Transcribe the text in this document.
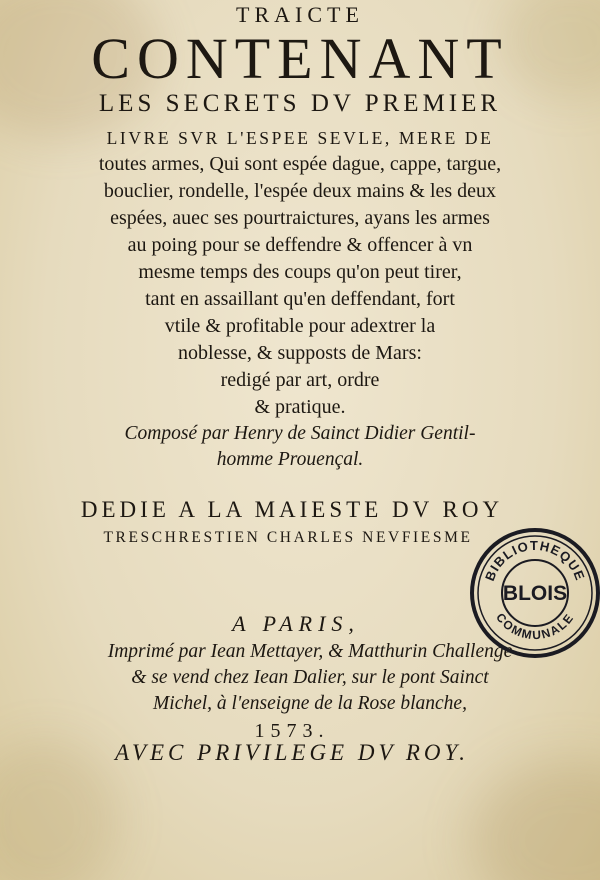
TRAICTE
CONTENANT
LES SECRETS DV PREMIER
LIVRE SVR L'ESPEE SEVLE, MERE DE
toutes armes, Qui sont espée dague, cappe, targue,
bouclier, rondelle, l'espée deux mains & les deux
espées, auec ses pourtraictures, ayans les armes
au poing pour se deffendre & offencer à vn
mesme temps des coups qu'on peut tirer,
tant en assaillant qu'en deffendant, fort
vtile & profitable pour adextrer la
noblesse, & supposts de Mars:
redigé par art, ordre
& pratique.
Composé par Henry de Sainct Didier Gentil-
homme Prouençal.
DEDIE A LA MAIESTE DV ROY
TRESCHRESTIEN CHARLES NEVFIESME
A PARIS,
Imprimé par Iean Mettayer, & Matthurin Challenge
& se vend chez Iean Dalier, sur le pont Sainct
Michel, à l'enseigne de la Rose blanche,
1573.
AVEC PRIVILEGE DV ROY.
BIBLIOTHEQUE
COMMUNALE
BLOIS
